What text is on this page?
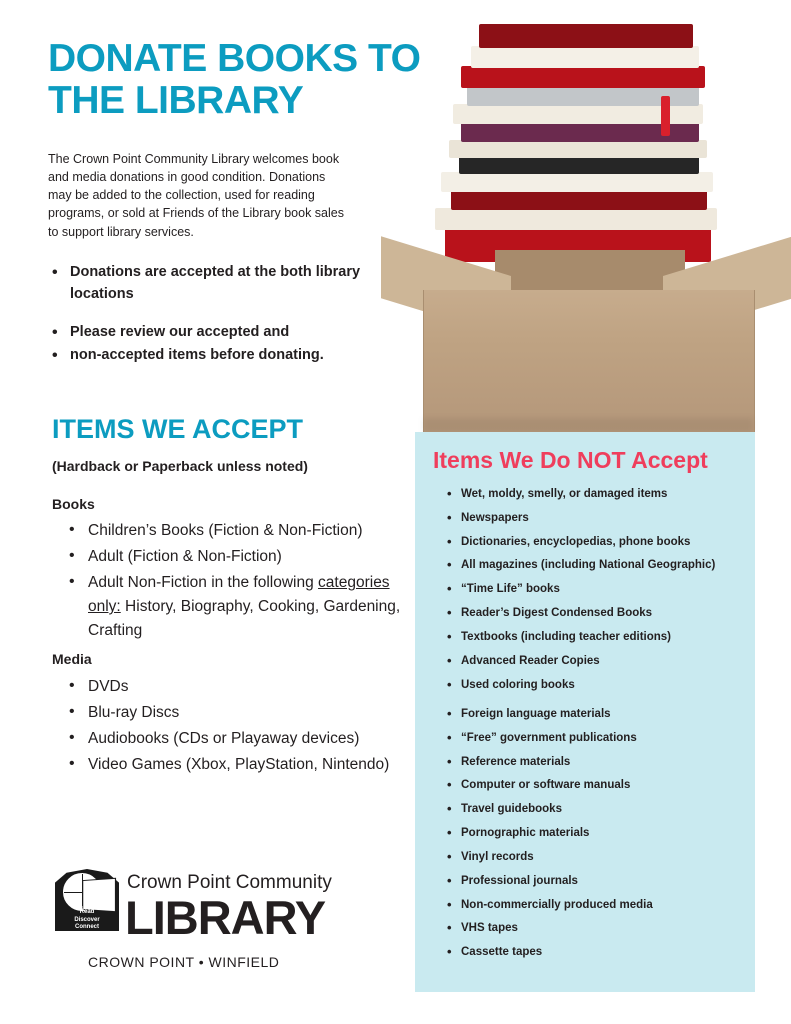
DONATE BOOKS TO THE LIBRARY
The Crown Point Community Library welcomes book and media donations in good condition. Donations may be added to the collection, used for reading programs, or sold at Friends of the Library book sales to support library services.
• Donations are accepted at the both library locations
• Please review our accepted and
• non-accepted items before donating.
ITEMS WE ACCEPT
(Hardback or Paperback unless noted)
Books
• Children’s Books (Fiction & Non-Fiction)
• Adult (Fiction & Non-Fiction)
• Adult Non-Fiction in the following categories only: History, Biography, Cooking, Gardening, Crafting
Media
• DVDs
• Blu-ray Discs
• Audiobooks (CDs or Playaway devices)
• Video Games (Xbox, PlayStation, Nintendo)
Items We Do NOT Accept
• Wet, moldy, smelly, or damaged items
• Newspapers
• Dictionaries, encyclopedias, phone books
• All magazines (including National Geographic)
• “Time Life” books
• Reader’s Digest Condensed Books
• Textbooks (including teacher editions)
• Advanced Reader Copies
• Used coloring books
• Foreign language materials
• “Free” government publications
• Reference materials
• Computer or software manuals
• Travel guidebooks
• Pornographic materials
• Vinyl records
• Professional journals
• Non-commercially produced media
• VHS tapes
• Cassette tapes
Read
Discover
Connect
Crown Point Community
LIBRARY
CROWN POINT • WINFIELD
